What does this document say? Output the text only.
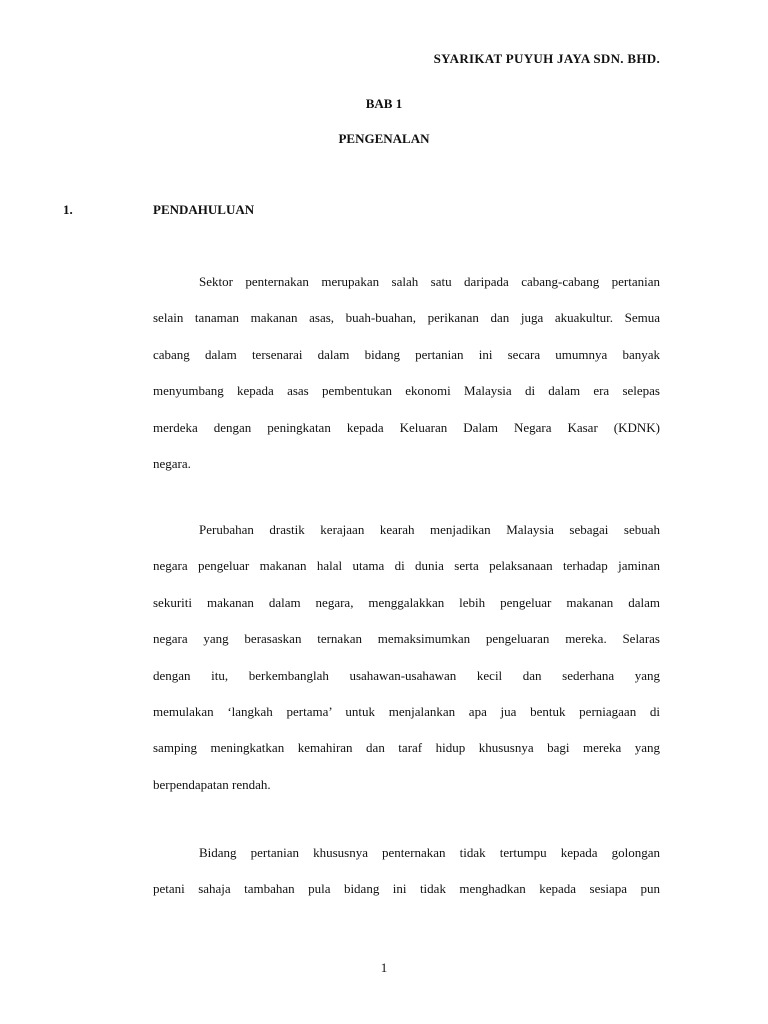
SYARIKAT PUYUH JAYA SDN. BHD.
BAB 1
PENGENALAN
1.	PENDAHULUAN
Sektor penternakan merupakan salah satu daripada cabang-cabang pertanian
selain tanaman makanan asas, buah-buahan, perikanan dan juga akuakultur. Semua
cabang dalam tersenarai dalam bidang pertanian ini secara umumnya banyak
menyumbang kepada asas pembentukan ekonomi Malaysia di dalam era selepas
merdeka dengan peningkatan kepada Keluaran Dalam Negara Kasar (KDNK)
negara.
Perubahan drastik kerajaan kearah menjadikan Malaysia sebagai sebuah
negara pengeluar makanan halal utama di dunia serta pelaksanaan terhadap jaminan
sekuriti makanan dalam negara, menggalakkan lebih pengeluar makanan dalam
negara yang berasaskan ternakan memaksimumkan pengeluaran mereka. Selaras
dengan itu, berkembanglah usahawan-usahawan kecil dan sederhana yang
memulakan ‘langkah pertama’ untuk menjalankan apa jua bentuk perniagaan di
samping meningkatkan kemahiran dan taraf hidup khususnya bagi mereka yang
berpendapatan rendah.
Bidang pertanian khususnya penternakan tidak tertumpu kepada golongan
petani sahaja tambahan pula bidang ini tidak menghadkan kepada sesiapa pun
1
